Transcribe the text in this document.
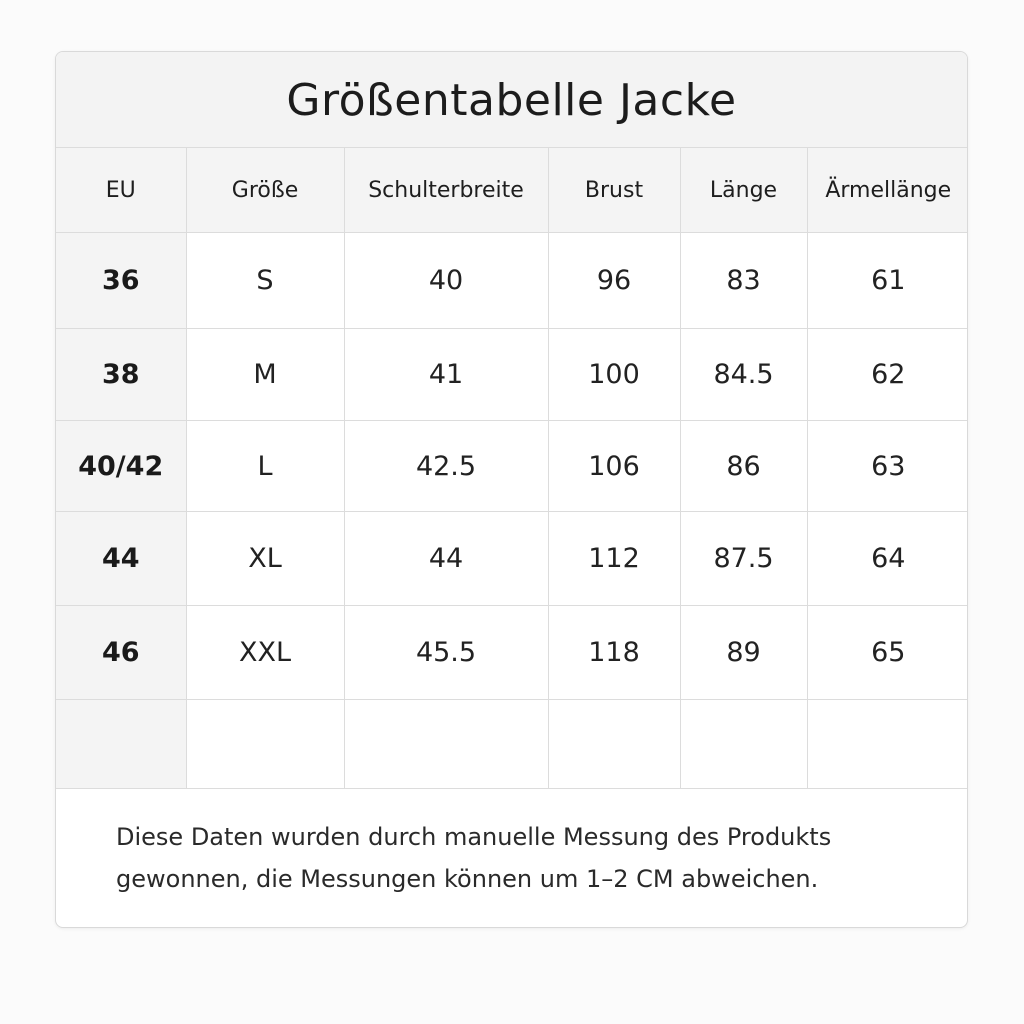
Größentabelle Jacke
EU	Größe	Schulterbreite	Brust	Länge	Ärmellänge
36	S	40	96	83	61
38	M	41	100	84.5	62
40/42	L	42.5	106	86	63
44	XL	44	112	87.5	64
46	XXL	45.5	118	89	65

Diese Daten wurden durch manuelle Messung des Produkts

gewonnen, die Messungen können um 1–2 CM abweichen.
